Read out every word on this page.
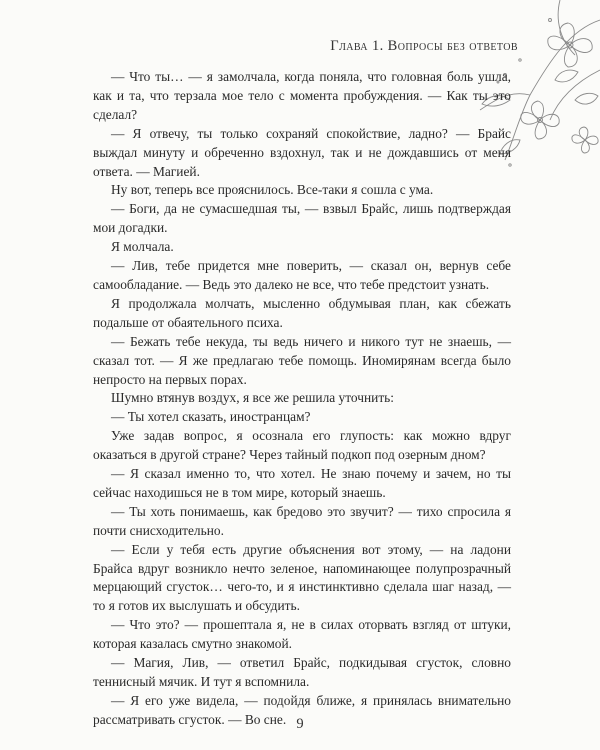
Глава 1. Вопросы без ответов

— Что ты… — я замолчала, когда поняла, что головная боль ушла, как и та, что терзала мое тело с момента пробуждения. — Как ты это сделал?

— Я отвечу, ты только сохраняй спокойствие, ладно? — Брайс выждал минуту и обреченно вздохнул, так и не дождавшись от меня ответа. — Магией.

Ну вот, теперь все прояснилось. Все-таки я сошла с ума.

— Боги, да не сумасшедшая ты, — взвыл Брайс, лишь подтверждая мои догадки.

Я молчала.

— Лив, тебе придется мне поверить, — сказал он, вернув себе самообладание. — Ведь это далеко не все, что тебе предстоит узнать.

Я продолжала молчать, мысленно обдумывая план, как сбежать подальше от обаятельного психа.

— Бежать тебе некуда, ты ведь ничего и никого тут не знаешь, — сказал тот. — Я же предлагаю тебе помощь. Иномирянам всегда было непросто на первых порах.

Шумно втянув воздух, я все же решила уточнить:

— Ты хотел сказать, иностранцам?

Уже задав вопрос, я осознала его глупость: как можно вдруг оказаться в другой стране? Через тайный подкоп под озерным дном?

— Я сказал именно то, что хотел. Не знаю почему и зачем, но ты сейчас находишься не в том мире, который знаешь.

— Ты хоть понимаешь, как бредово это звучит? — тихо спросила я почти снисходительно.

— Если у тебя есть другие объяснения вот этому, — на ладони Брайса вдруг возникло нечто зеленое, напоминающее полупрозрачный мерцающий сгусток… чего-то, и я инстинктивно сделала шаг назад, — то я готов их выслушать и обсудить.

— Что это? — прошептала я, не в силах оторвать взгляд от штуки, которая казалась смутно знакомой.

— Магия, Лив, — ответил Брайс, подкидывая сгусток, словно теннисный мячик. И тут я вспомнила.

— Я его уже видела, — подойдя ближе, я принялась внимательно рассматривать сгусток. — Во сне. 9
